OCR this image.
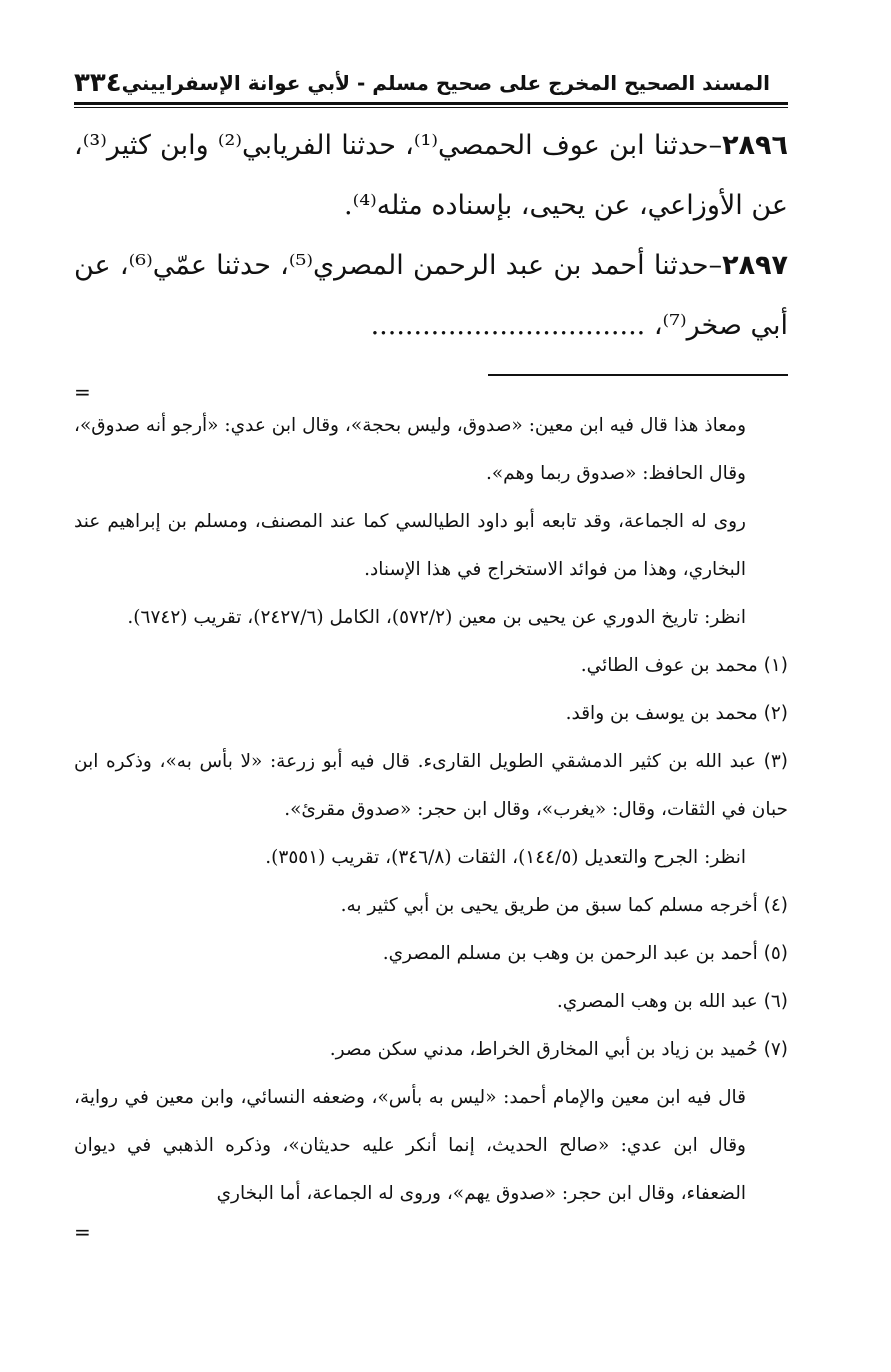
المسند الصحيح المخرج على صحيح مسلم - لأبي عوانة الإسفراييني
٣٣٤

٢٨٩٦–حدثنا ابن عوف الحمصي⁽¹⁾، حدثنا الفريابي⁽²⁾ وابن كثير⁽³⁾، عن الأوزاعي، عن يحيى، بإسناده مثله⁽⁴⁾.

٢٨٩٧–حدثنا أحمد بن عبد الرحمن المصري⁽⁵⁾، حدثنا عمّي⁽⁶⁾، عن أبي صخر⁽⁷⁾، ................................

=

ومعاذ هذا قال فيه ابن معين: «صدوق، وليس بحجة»، وقال ابن عدي: «أرجو أنه صدوق»، وقال الحافظ: «صدوق ربما وهم».

روى له الجماعة، وقد تابعه أبو داود الطيالسي كما عند المصنف، ومسلم بن إبراهيم عند البخاري، وهذا من فوائد الاستخراج في هذا الإسناد.

انظر: تاريخ الدوري عن يحيى بن معين (٥٧٢/٢)، الكامل (٢٤٢٧/٦)، تقريب (٦٧٤٢).

(١) محمد بن عوف الطائي.

(٢) محمد بن يوسف بن واقد.

(٣) عبد الله بن كثير الدمشقي الطويل القارىء. قال فيه أبو زرعة: «لا بأس به»، وذكره ابن حبان في الثقات، وقال: «يغرب»، وقال ابن حجر: «صدوق مقرئ».

انظر: الجرح والتعديل (١٤٤/٥)، الثقات (٣٤٦/٨)، تقريب (٣٥٥١).

(٤) أخرجه مسلم كما سبق من طريق يحيى بن أبي كثير به.

(٥) أحمد بن عبد الرحمن بن وهب بن مسلم المصري.

(٦) عبد الله بن وهب المصري.

(٧) حُميد بن زياد بن أبي المخارق الخراط، مدني سكن مصر.

قال فيه ابن معين والإمام أحمد: «ليس به بأس»، وضعفه النسائي، وابن معين في رواية، وقال ابن عدي: «صالح الحديث، إنما أنكر عليه حديثان»، وذكره الذهبي في ديوان الضعفاء، وقال ابن حجر: «صدوق يهم»، وروى له الجماعة، أما البخاري

=
